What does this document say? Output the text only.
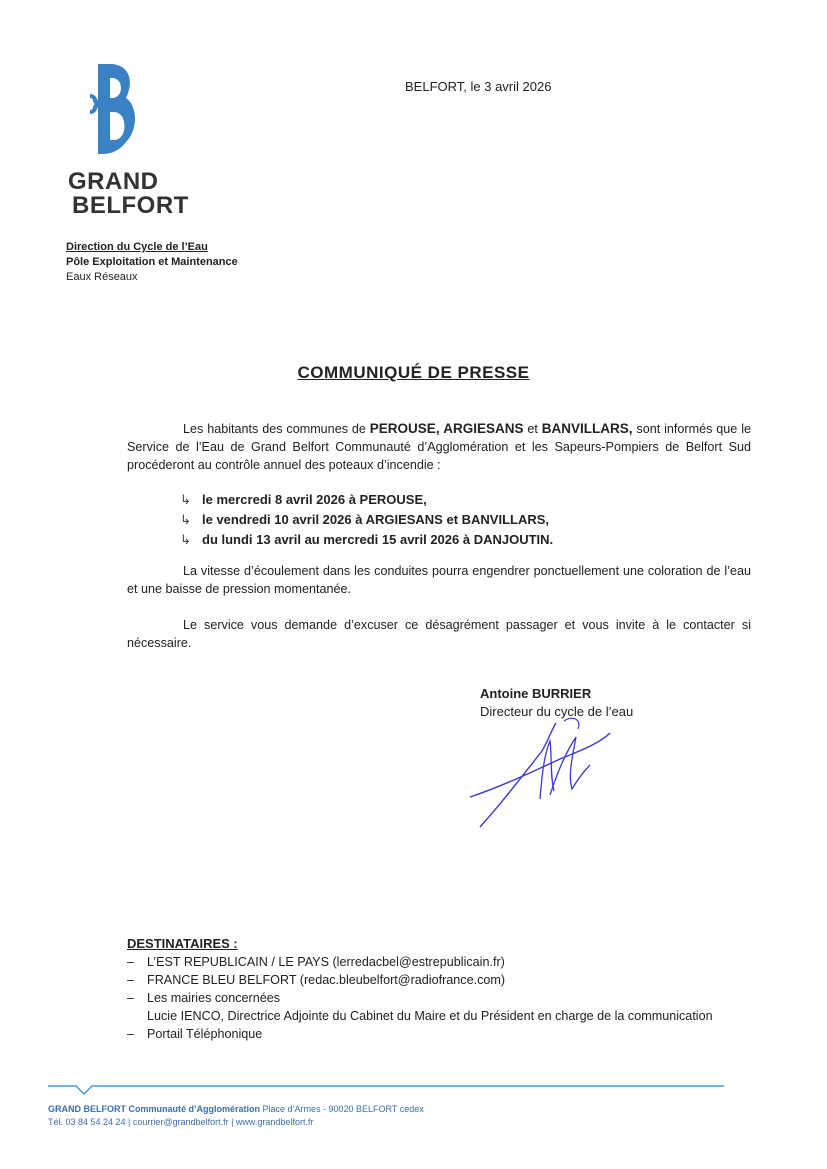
GRAND
BELFORT
BELFORT, le 3 avril 2026
Direction du Cycle de l’Eau
Pôle Exploitation et Maintenance
Eaux Réseaux
COMMUNIQUÉ DE PRESSE
Les habitants des communes de PEROUSE, ARGIESANS et BANVILLARS, sont informés que le Service de l’Eau de Grand Belfort Communauté d’Agglomération et les Sapeurs-Pompiers de Belfort Sud procéderont au contrôle annuel des poteaux d’incendie :
↳ le mercredi 8 avril 2026 à PEROUSE,
↳ le vendredi 10 avril 2026 à ARGIESANS et BANVILLARS,
↳ du lundi 13 avril au mercredi 15 avril 2026 à DANJOUTIN.
La vitesse d’écoulement dans les conduites pourra engendrer ponctuellement une coloration de l’eau et une baisse de pression momentanée.
Le service vous demande d’excuser ce désagrément passager et vous invite à le contacter si nécessaire.
Antoine BURRIER
Directeur du cycle de l’eau
DESTINATAIRES :
–	L’EST REPUBLICAIN / LE PAYS (lerredacbel@estrepublicain.fr)
–	FRANCE BLEU BELFORT (redac.bleubelfort@radiofrance.com)
–	Les mairies concernées
Lucie IENCO, Directrice Adjointe du Cabinet du Maire et du Président en charge de la communication
–	Portail Téléphonique
GRAND BELFORT Communauté d’Agglomération Place d’Armes - 90020 BELFORT cedex
Tél. 03 84 54 24 24 | courrier@grandbelfort.fr | www.grandbelfort.fr
